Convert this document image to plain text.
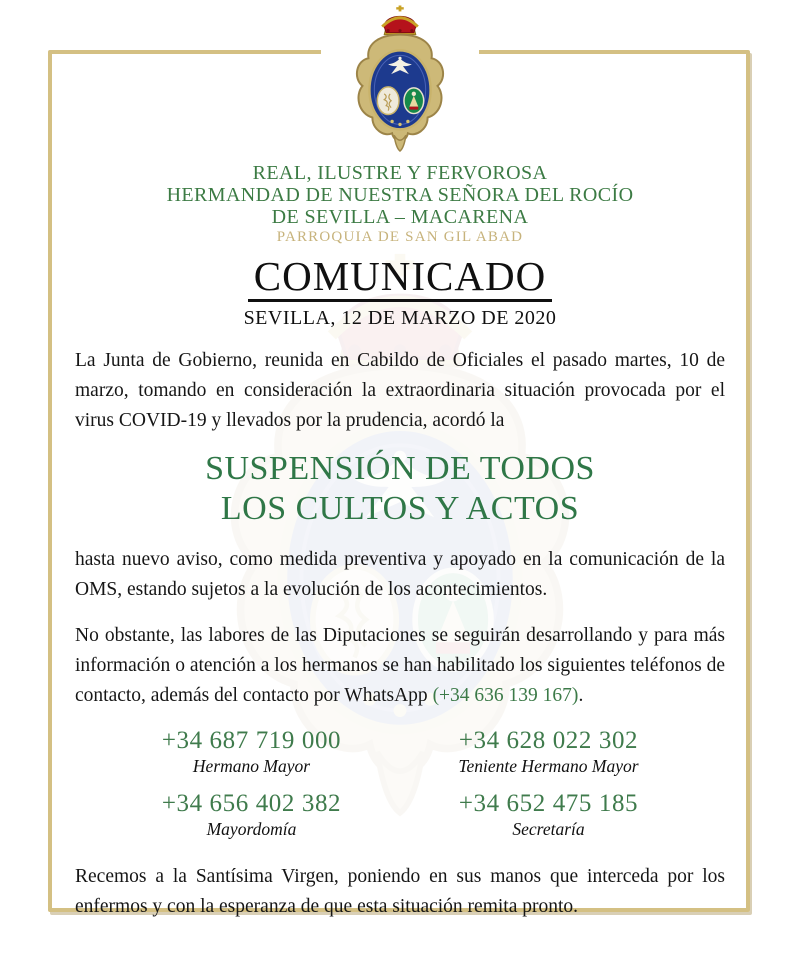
REAL, ILUSTRE Y FERVOROSA
HERMANDAD DE NUESTRA SEÑORA DEL ROCÍO
DE SEVILLA – MACARENA
PARROQUIA DE SAN GIL ABAD
COMUNICADO
SEVILLA, 12 DE MARZO DE 2020

La Junta de Gobierno, reunida en Cabildo de Oficiales el pasado martes, 10 de marzo, tomando en consideración la extraordinaria situación provocada por el virus COVID-19 y llevados por la prudencia, acordó la

SUSPENSIÓN DE TODOS
LOS CULTOS Y ACTOS

hasta nuevo aviso, como medida preventiva y apoyado en la comunicación de la OMS, estando sujetos a la evolución de los acontecimientos.

No obstante, las labores de las Diputaciones se seguirán desarrollando y para más información o atención a los hermanos se han habilitado los siguientes teléfonos de contacto, además del contacto por WhatsApp (+34 636 139 167).

+34 687 719 000
Hermano Mayor
+34 628 022 302
Teniente Hermano Mayor
+34 656 402 382
Mayordomía
+34 652 475 185
Secretaría

Recemos a la Santísima Virgen, poniendo en sus manos que interceda por los enfermos y con la esperanza de que esta situación remita pronto.
